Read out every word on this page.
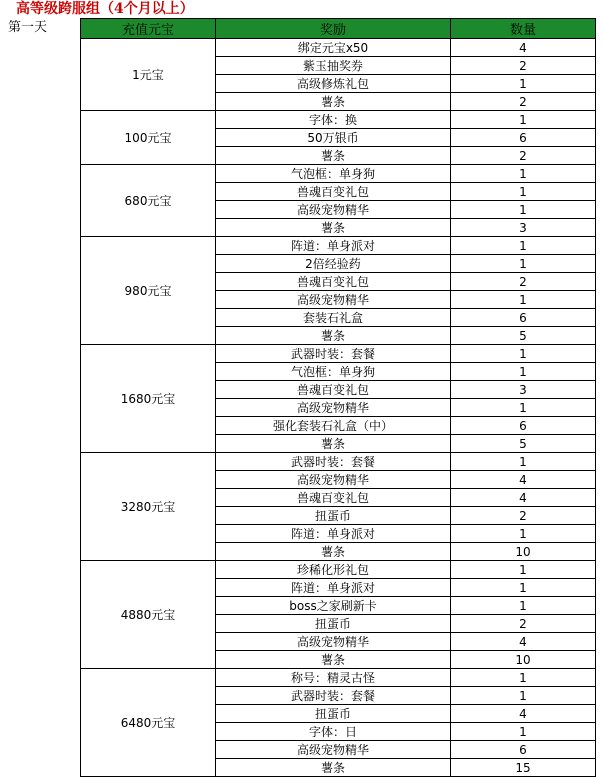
高等级跨服组（4个月以上）
第一天	充值元宝	奖励	数量
1元宝	绑定元宝x50	4
	紫玉抽奖券	2
	高级修炼礼包	1
	薯条	2
100元宝	字体：换	1
	50万银币	6
	薯条	2
680元宝	气泡框：单身狗	1
	兽魂百变礼包	1
	高级宠物精华	1
	薯条	3
980元宝	阵道：单身派对	1
	2倍经验药	1
	兽魂百变礼包	2
	高级宠物精华	1
	套装石礼盒	6
	薯条	5
1680元宝	武器时装：套餐	1
	气泡框：单身狗	1
	兽魂百变礼包	3
	高级宠物精华	1
	强化套装石礼盒（中）	6
	薯条	5
3280元宝	武器时装：套餐	1
	高级宠物精华	4
	兽魂百变礼包	4
	扭蛋币	2
	阵道：单身派对	1
	薯条	10
4880元宝	珍稀化形礼包	1
	阵道：单身派对	1
	boss之家刷新卡	1
	扭蛋币	2
	高级宠物精华	4
	薯条	10
6480元宝	称号：精灵古怪	1
	武器时装：套餐	1
	扭蛋币	4
	字体：日	1
	高级宠物精华	6
	薯条	15
